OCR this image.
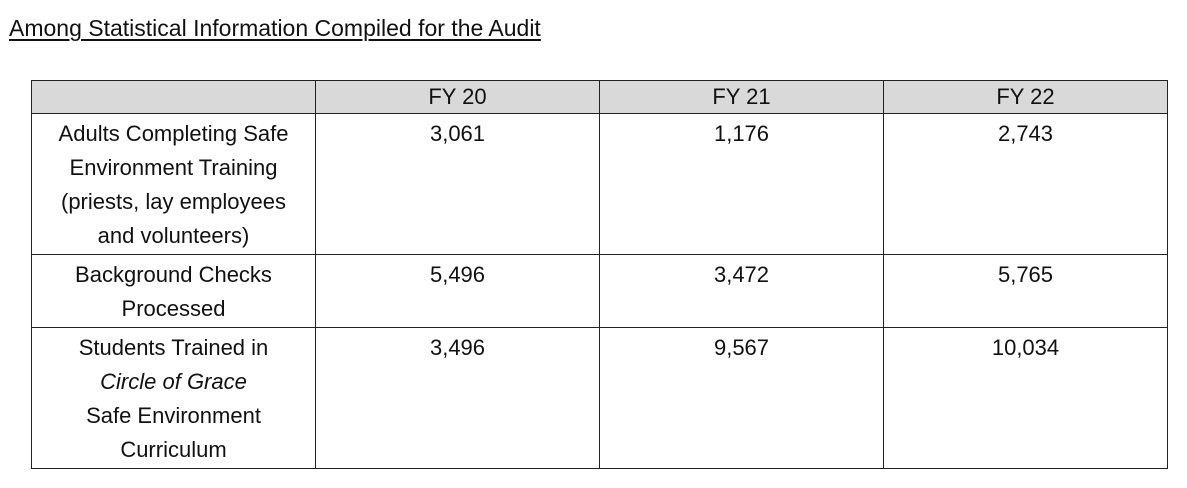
Among Statistical Information Compiled for the Audit
	FY 20	FY 21	FY 22

Adults Completing Safe
Environment Training
(priests, lay employees
and volunteers)	3,061	1,176	2,743

Background Checks
Processed	5,496	3,472	5,765

Students Trained in
Circle of Grace
Safe Environment
Curriculum	3,496	9,567	10,034
